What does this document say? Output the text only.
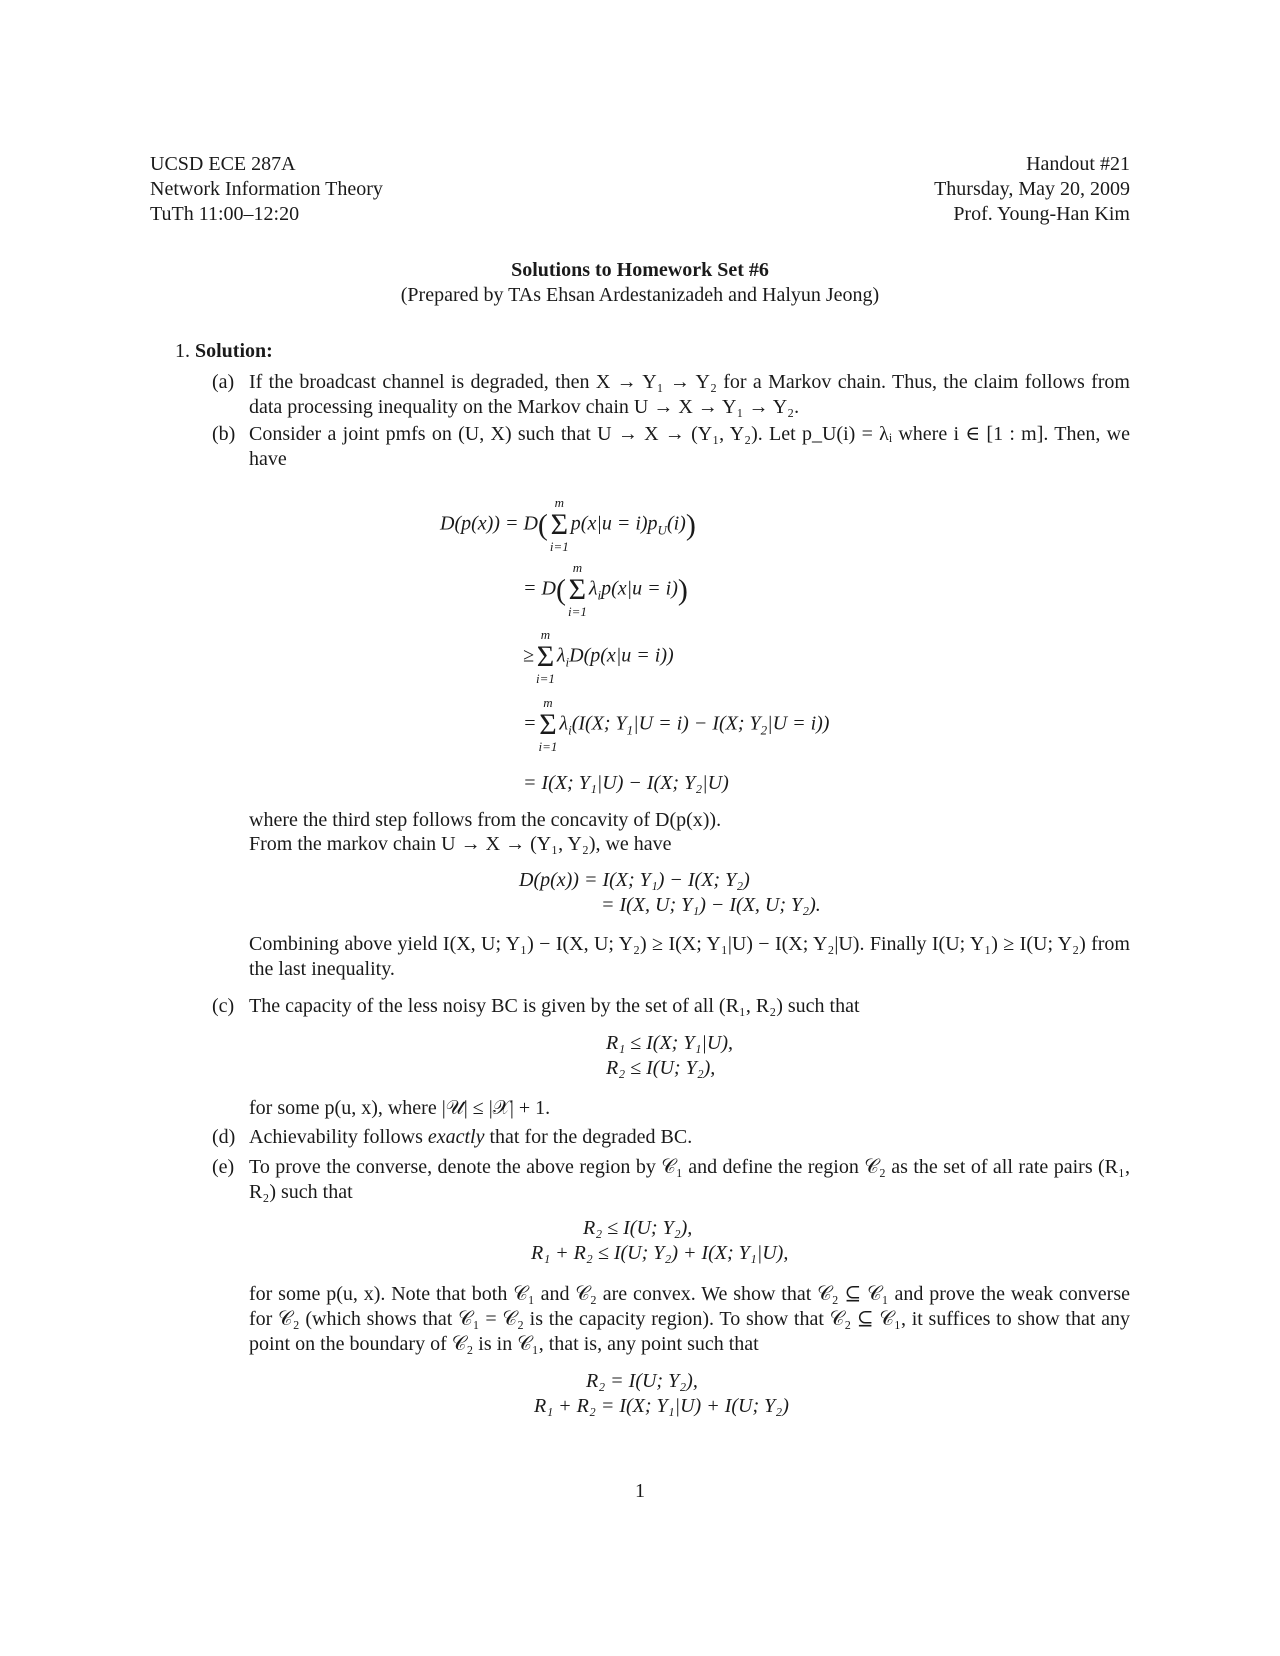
UCSD ECE 287A
Network Information Theory
TuTh 11:00–12:20
Handout #21
Thursday, May 20, 2009
Prof. Young-Han Kim
Solutions to Homework Set #6
(Prepared by TAs Ehsan Ardestanizadeh and Halyun Jeong)
1. Solution:
(a) If the broadcast channel is degraded, then X → Y₁ → Y₂ for a Markov chain. Thus, the claim follows from data processing inequality on the Markov chain U → X → Y₁ → Y₂.
(b) Consider a joint pmfs on (U, X) such that U → X → (Y₁, Y₂). Let p_U(i) = λᵢ where i ∈ [1 : m]. Then, we have
D(p(x)) = D(
m
Σ
i=1
$p(x|u = i)p_U(i)$)
= D(
m
Σ
i=1
$\lambda_ip(x|u = i)$)
≥
m
Σ
i=1
$\lambda_iD(p(x|u = i))$
=
m
Σ
i=1
$\lambda_i(I(X$; $Y_1|U = i) - I(X$; $Y_2|U = i$))
= I(X; Y₁|U) − I(X; Y₂|U)
where the third step follows from the concavity of D(p(x)).
From the markov chain U → X → (Y₁, Y₂), we have
D(p(x)) = I(X; Y₁) − I(X; Y₂)
= I(X, U; Y₁) − I(X, U; Y₂).
Combining above yield I(X, U; Y₁) − I(X, U; Y₂) ≥ I(X; Y₁|U) − I(X; Y₂|U). Finally I(U; Y₁) ≥ I(U; Y₂) from the last inequality.
(c) The capacity of the less noisy BC is given by the set of all (R₁, R₂) such that
R₁ ≤ I(X; Y₁|U),
R₂ ≤ I(U; Y₂),
for some p(u, x), where |𝒰| ≤ |𝒳| + 1.
(d) Achievability follows exactly that for the degraded BC.
(e) To prove the converse, denote the above region by 𝒞₁ and define the region 𝒞₂ as the set of all rate pairs (R₁, R₂) such that
R₂ ≤ I(U; Y₂),
R₁ + R₂ ≤ I(U; Y₂) + I(X; Y₁|U),
for some p(u, x). Note that both 𝒞₁ and 𝒞₂ are convex. We show that 𝒞₂ ⊆ 𝒞₁ and prove the weak converse for 𝒞₂ (which shows that 𝒞₁ = 𝒞₂ is the capacity region). To show that 𝒞₂ ⊆ 𝒞₁, it suffices to show that any point on the boundary of 𝒞₂ is in 𝒞₁, that is, any point such that
R₂ = I(U; Y₂),
R₁ + R₂ = I(X; Y₁|U) + I(U; Y₂)
1
